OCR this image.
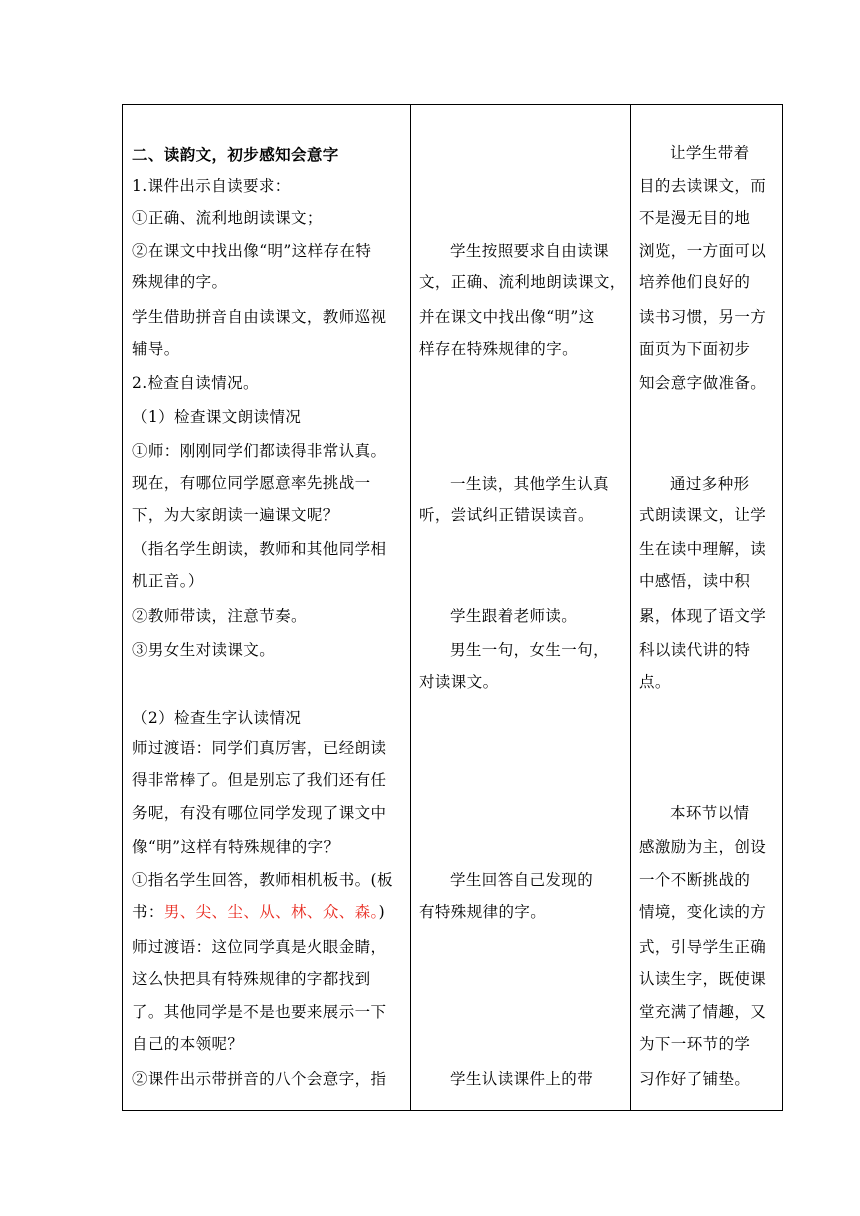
二、读韵文，初步感知会意字
1.课件出示自读要求：
①正确、流利地朗读课文；
②在课文中找出像“明”这样存在特
殊规律的字。
学生借助拼音自由读课文，教师巡视
辅导。
2.检查自读情况。
（1）检查课文朗读情况
①师：刚刚同学们都读得非常认真。
现在，有哪位同学愿意率先挑战一
下，为大家朗读一遍课文呢？
（指名学生朗读，教师和其他同学相
机正音。）
②教师带读，注意节奏。
③男女生对读课文。
（2）检查生字认读情况
师过渡语：同学们真厉害，已经朗读
得非常棒了。但是别忘了我们还有任
务呢，有没有哪位同学发现了课文中
像“明”这样有特殊规律的字？
①指名学生回答，教师相机板书。(板
书：男、尖、尘、从、林、众、森。)
师过渡语：这位同学真是火眼金睛，
这么快把具有特殊规律的字都找到
了。其他同学是不是也要来展示一下
自己的本领呢？
②课件出示带拼音的八个会意字，指
学生按照要求自由读课
文，正确、流利地朗读课文，
并在课文中找出像“明”这
样存在特殊规律的字。
一生读，其他学生认真
听，尝试纠正错误读音。
学生跟着老师读。
男生一句，女生一句，
对读课文。
学生回答自己发现的
有特殊规律的字。
学生认读课件上的带
让学生带着
目的去读课文，而
不是漫无目的地
浏览，一方面可以
培养他们良好的
读书习惯，另一方
面页为下面初步
知会意字做准备。
通过多种形
式朗读课文，让学
生在读中理解，读
中感悟，读中积
累，体现了语文学
科以读代讲的特
点。
本环节以情
感激励为主，创设
一个不断挑战的
情境，变化读的方
式，引导学生正确
认读生字，既使课
堂充满了情趣，又
为下一环节的学
习作好了铺垫。
